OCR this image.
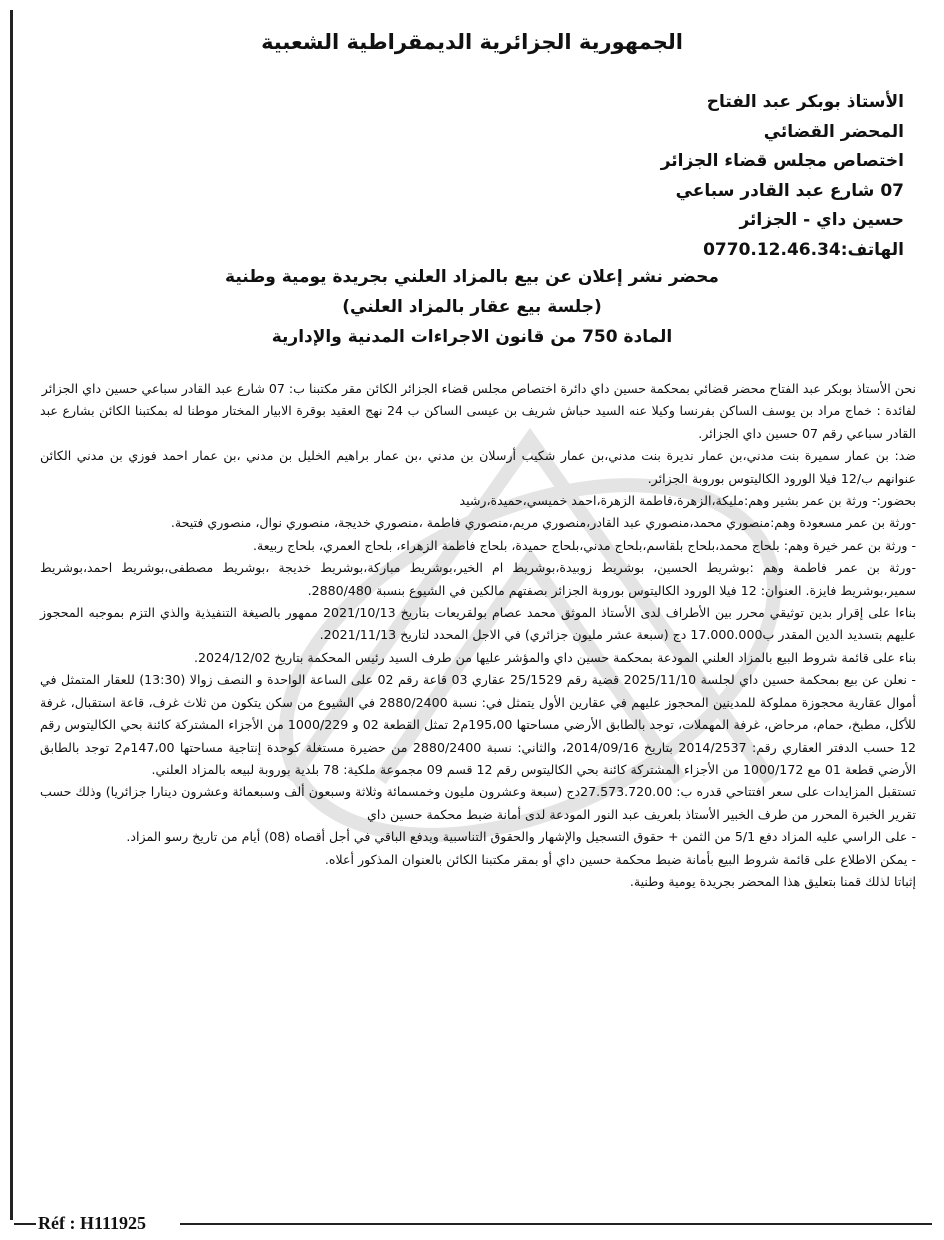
الجمهورية الجزائرية الديمقراطية الشعبية
الأستاذ بوبكر عبد الفتاح
المحضر القضائي
اختصاص مجلس قضاء الجزائر
07 شارع عبد القادر سباعي
حسين داي - الجزائر
الهاتف:0770.12.46.34
محضر نشر إعلان عن بيع بالمزاد العلني بجريدة يومية وطنية
(جلسة بيع عقار بالمزاد العلني)
المادة 750 من قانون الاجراءات المدنية والإدارية

نحن الأستاذ بوبكر عبد الفتاح محضر قضائي بمحكمة حسين داي دائرة اختصاص مجلس قضاء الجزائر الكائن مقر مكتبنا ب: 07 شارع عبد القادر سباعي حسين داي الجزائر

لفائدة : خماج مراد بن يوسف الساكن بفرنسا وكيلا عنه السيد حباش شريف بن عيسى الساكن ب 24 نهج العقيد بوقرة الابيار المختار موطنا له بمكتبنا الكائن بشارع عبد القادر سباعي رقم 07 حسين داي الجزائر.

ضد: بن عمار سميرة بنت مدني،بن عمار نديرة بنت مدني،بن عمار شكيب أرسلان بن مدني ،بن عمار براهيم الخليل بن مدني ،بن عمار احمد فوزي بن مدني الكائن عنوانهم ب/12 فيلا الورود الكاليتوس بوروبة الجزائر.

بحضور:- ورثة بن عمر بشير وهم:مليكة،الزهرة،فاطمة الزهرة،احمد خميسي،حميدة،رشيد

-ورثة بن عمر مسعودة وهم:منصوري محمد،منصوري عبد القادر،منصوري مريم،منصوري فاطمة ،منصوري خديجة، منصوري نوال، منصوري فتيحة.

- ورثة بن عمر خيرة وهم: بلحاج محمد،بلحاج بلقاسم،بلحاج مدني،بلحاج حميدة، بلحاج فاطمة الزهراء، بلحاج العمري، بلحاج ربيعة.

-ورثة بن عمر فاطمة وهم :بوشريط الحسين، بوشريط زوبيدة،بوشريط ام الخير،بوشريط مباركة،بوشريط خديجة ،بوشريط مصطفى،بوشريط احمد،بوشريط سمير،بوشريط فايزة. العنوان: 12 فيلا الورود الكاليتوس بوروبة الجزائر بصفتهم مالكين في الشيوع بنسبة 2880/480.

بناءا على إقرار بدين توثيقي محرر بين الأطراف لدى الأستاذ الموثق محمد عصام بولقريعات بتاريخ 2021/10/13 ممهور بالصيغة التنفيذية والذي التزم بموجبه المحجوز عليهم بتسديد الدين المقدر ب17.000.000 دج (سبعة عشر مليون جزائري) في الاجل المحدد لتاريخ 2021/11/13.

بناء على قائمة شروط البيع بالمزاد العلني المودعة بمحكمة حسين داي والمؤشر عليها من طرف السيد رئيس المحكمة بتاريخ 2024/12/02.

- نعلن عن بيع بمحكمة حسين داي لجلسة 2025/11/10 قضية رقم 25/1529 عقاري 03 قاعة رقم 02 على الساعة الواحدة و النصف زوالا (13:30) للعقار المتمثل في أموال عقارية محجوزة مملوكة للمدينين المحجوز عليهم في عقارين الأول يتمثل في: نسبة 2880/2400 في الشيوع من سكن يتكون من ثلاث غرف، قاعة استقبال، غرفة للأكل، مطبخ، حمام، مرحاض، غرفة المهملات، توجد بالطابق الأرضي مساحتها 195،00م2 تمثل القطعة 02 و 1000/229 من الأجزاء المشتركة كائنة بحي الكاليتوس رقم 12 حسب الدفتر العقاري رقم: 2014/2537 بتاريخ 2014/09/16، والثاني: نسبة 2880/2400 من حضيرة مستغلة كوحدة إنتاجية مساحتها 147،00م2 توجد بالطابق الأرضي قطعة 01 مع 1000/172 من الأجزاء المشتركة كائنة بحي الكاليتوس رقم 12 قسم 09 مجموعة ملكية: 78 بلدية بوروبة لبيعه بالمزاد العلني.

تستقبل المزايدات على سعر افتتاحي قدره ب: 27.573.720.00دج (سبعة وعشرون مليون وخمسمائة وثلاثة وسبعون ألف وسبعمائة وعشرون دينارا جزائريا) وذلك حسب تقرير الخبرة المحرر من طرف الخبير الأستاذ بلعريف عبد النور المودعة لدى أمانة ضبط محكمة حسين داي

- على الراسي عليه المزاد دفع 5/1 من الثمن + حقوق التسجيل والإشهار والحقوق التناسبية ويدفع الباقي في أجل أقصاه (08) أيام من تاريخ رسو المزاد.

- يمكن الاطلاع على قائمة شروط البيع بأمانة ضبط محكمة حسين داي أو بمقر مكتبنا الكائن بالعنوان المذكور أعلاه.

إثباتا لذلك قمنا بتعليق هذا المحضر بجريدة يومية وطنية.

Réf : H111925
